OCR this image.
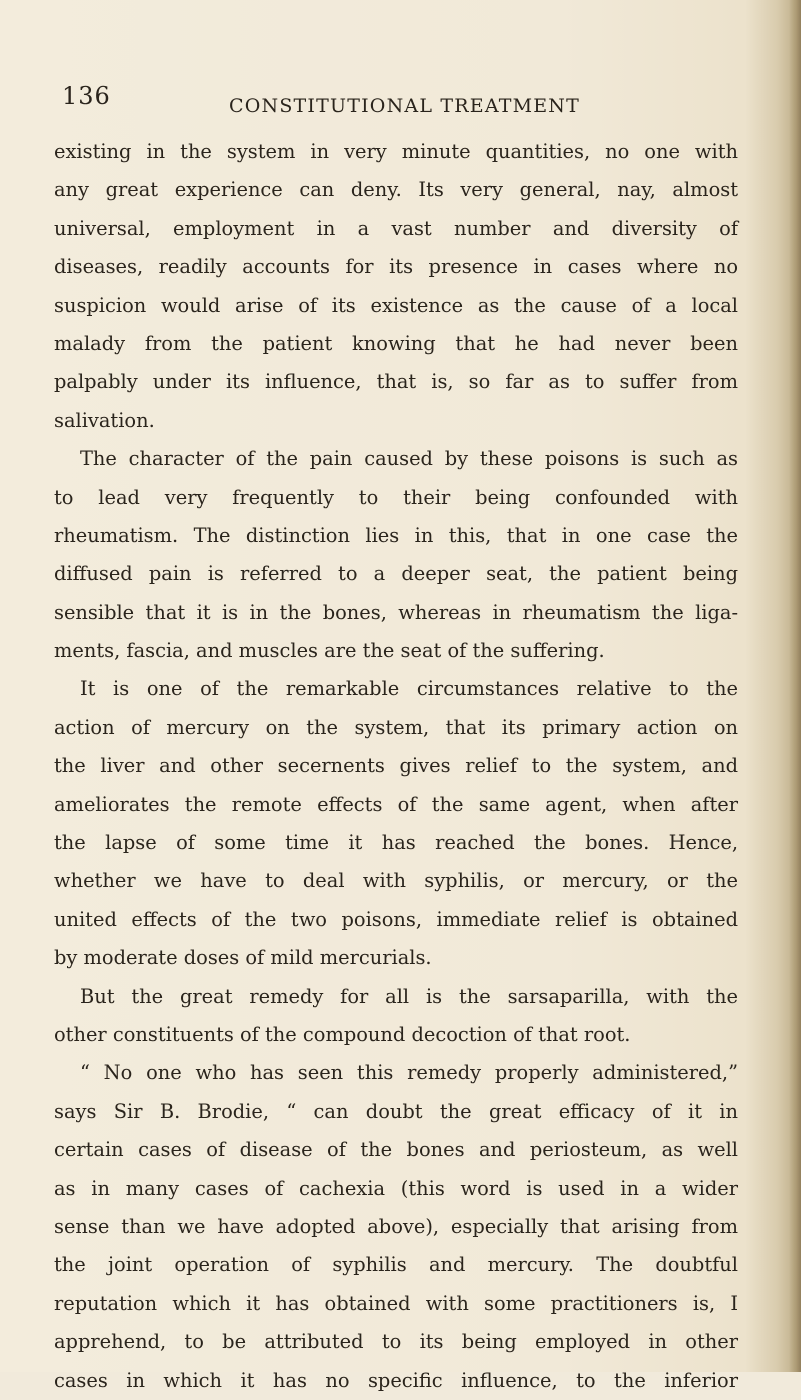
136	CONSTITUTIONAL TREATMENT
existing in the system in very minute quantities, no one with
any great experience can deny. Its very general, nay, almost
universal, employment in a vast number and diversity of
diseases, readily accounts for its presence in cases where no
suspicion would arise of its existence as the cause of a local
malady from the patient knowing that he had never been
palpably under its influence, that is, so far as to suffer from
salivation.
The character of the pain caused by these poisons is such as
to lead very frequently to their being confounded with
rheumatism. The distinction lies in this, that in one case the
diffused pain is referred to a deeper seat, the patient being
sensible that it is in the bones, whereas in rheumatism the liga-
ments, fascia, and muscles are the seat of the suffering.
It is one of the remarkable circumstances relative to the
action of mercury on the system, that its primary action on
the liver and other secernents gives relief to the system, and
ameliorates the remote effects of the same agent, when after
the lapse of some time it has reached the bones. Hence,
whether we have to deal with syphilis, or mercury, or the
united effects of the two poisons, immediate relief is obtained
by moderate doses of mild mercurials.
But the great remedy for all is the sarsaparilla, with the
other constituents of the compound decoction of that root.
“ No one who has seen this remedy properly administered,”
says Sir B. Brodie, “ can doubt the great efficacy of it in
certain cases of disease of the bones and periosteum, as well
as in many cases of cachexia (this word is used in a wider
sense than we have adopted above), especially that arising from
the joint operation of syphilis and mercury. The doubtful
reputation which it has obtained with some practitioners is, I
apprehend, to be attributed to its being employed in other
cases in which it has no specific influence, to the inferior
